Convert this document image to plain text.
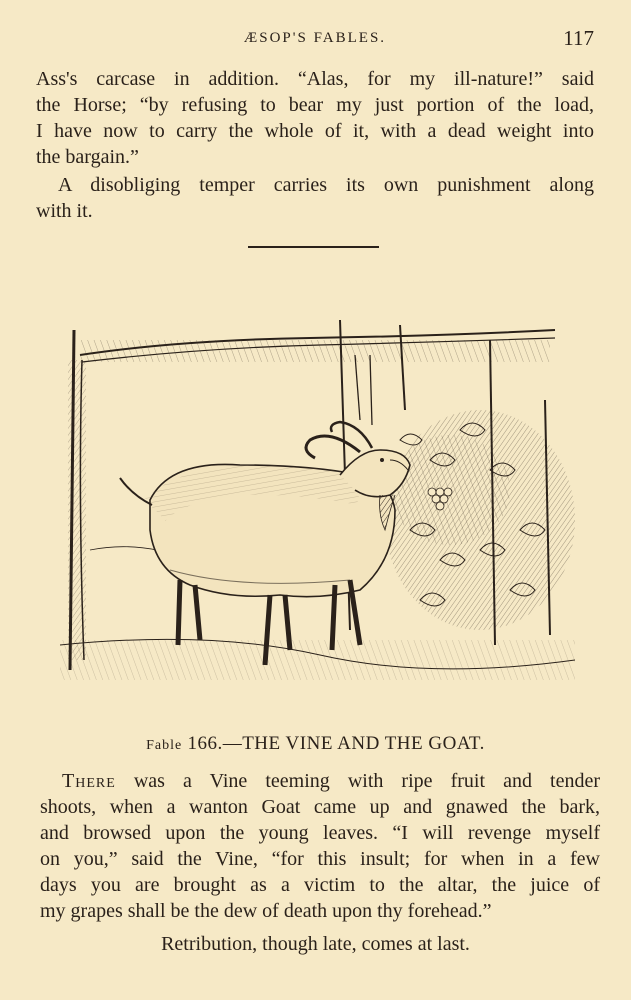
ÆSOP'S FABLES.	117
Ass's carcase in addition. “Alas, for my ill-nature!” said
the Horse; “by refusing to bear my just portion of the load,
I have now to carry the whole of it, with a dead weight into
the bargain.”
A disobliging temper carries its own punishment along
with it.
Fable 166.—THE VINE AND THE GOAT.
There was a Vine teeming with ripe fruit and tender
shoots, when a wanton Goat came up and gnawed the bark,
and browsed upon the young leaves. “I will revenge myself
on you,” said the Vine, “for this insult; for when in a few
days you are brought as a victim to the altar, the juice of
my grapes shall be the dew of death upon thy forehead.”
Retribution, though late, comes at last.
